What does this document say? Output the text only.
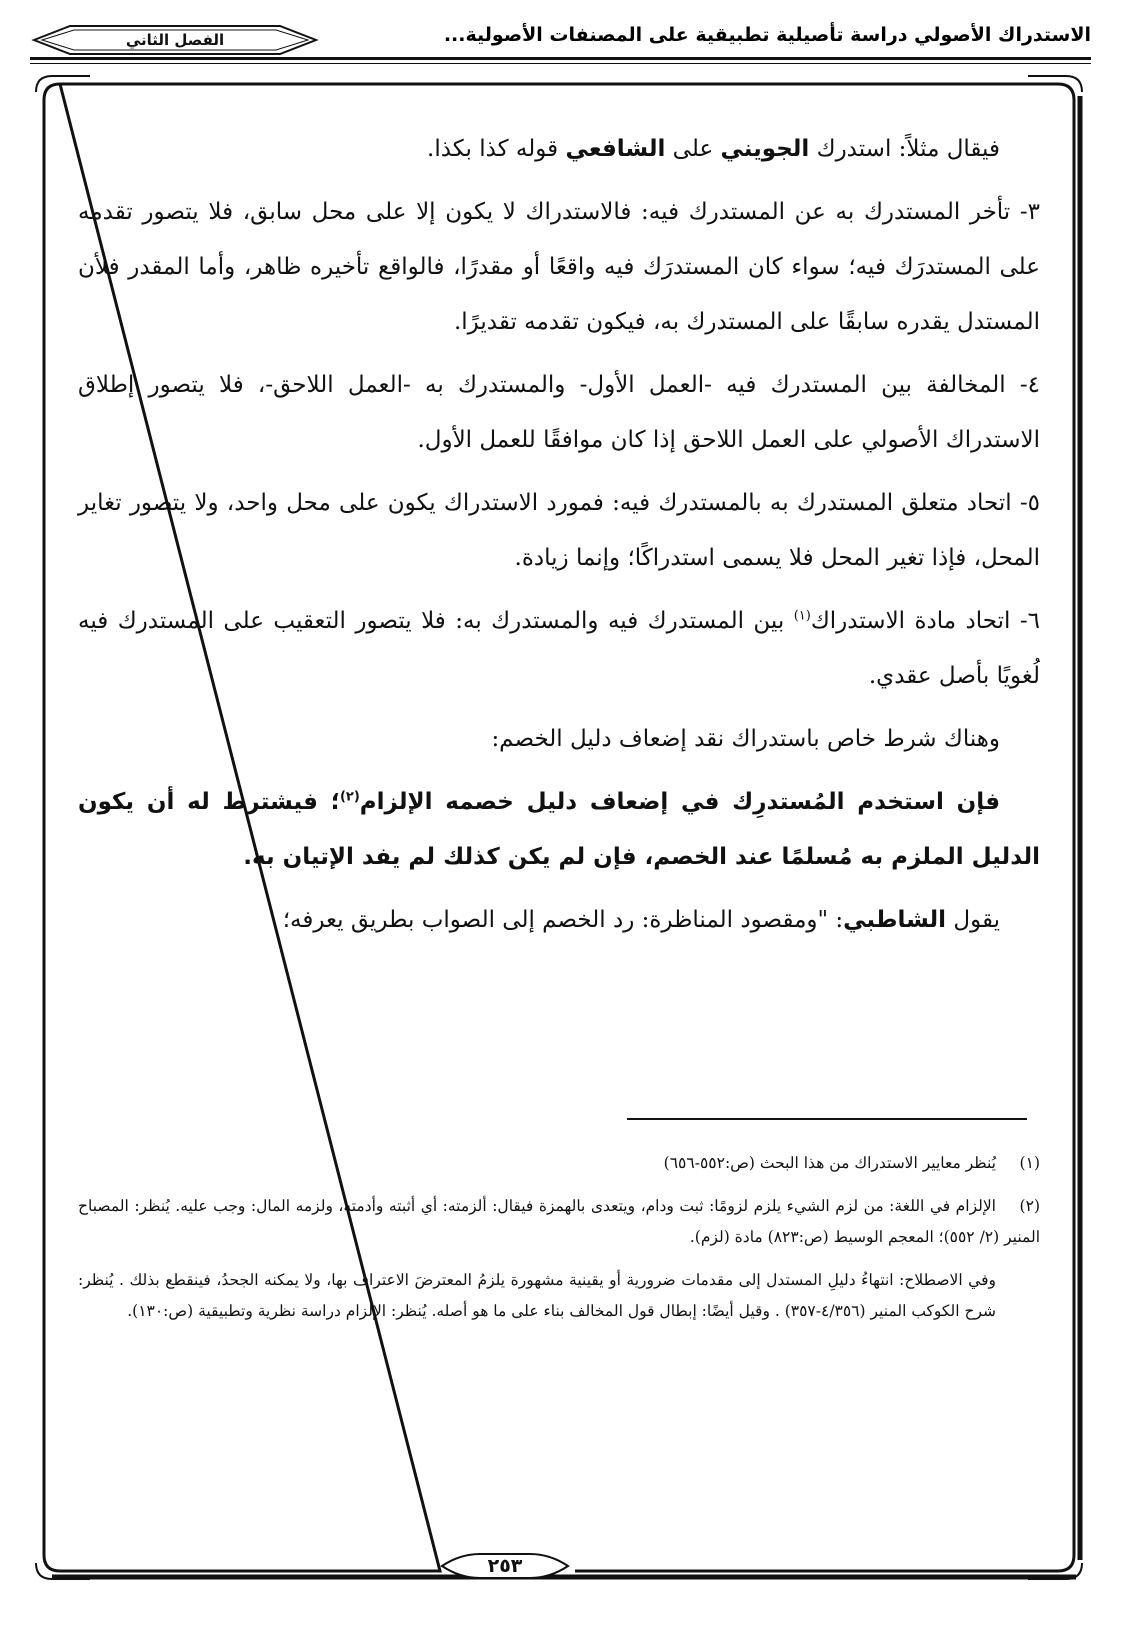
الاستدراك الأصولي دراسة تأصيلية تطبيقية على المصنفات الأصولية...
الفصل الثاني

فيقال مثلاً: استدرك الجويني على الشافعي قوله كذا بكذا.

٣- تأخر المستدرك به عن المستدرك فيه: فالاستدراك لا يكون إلا على محل سابق، فلا يتصور تقدمه على المستدرَك فيه؛ سواء كان المستدرَك فيه واقعًا أو مقدرًا، فالواقع تأخيره ظاهر، وأما المقدر فلأن المستدل يقدره سابقًا على المستدرك به، فيكون تقدمه تقديرًا.

٤- المخالفة بين المستدرك فيه -العمل الأول- والمستدرك به -العمل اللاحق-، فلا يتصور إطلاق الاستدراك الأصولي على العمل اللاحق إذا كان موافقًا للعمل الأول.

٥- اتحاد متعلق المستدرك به بالمستدرك فيه: فمورد الاستدراك يكون على محل واحد، ولا يتصور تغاير المحل، فإذا تغير المحل فلا يسمى استدراكًا؛ وإنما زيادة.

٦- اتحاد مادة الاستدراك$^{(١)}$ بين المستدرك فيه والمستدرك به: فلا يتصور التعقيب على المستدرك فيه لُغويًا بأصل عقدي.

وهناك شرط خاص باستدراك نقد إضعاف دليل الخصم:

فإن استخدم المُستدرِك في إضعاف دليل خصمه الإلزام$^{(٢)}$؛ فيشترط له أن يكون الدليل الملزم به مُسلمًا عند الخصم، فإن لم يكن كذلك لم يفد الإتيان به.

يقول الشاطبي: "ومقصود المناظرة: رد الخصم إلى الصواب بطريق يعرفه؛

(١)يُنظر معايير الاستدراك من هذا البحث (ص:٥٥٢-٦٥٦)

(٢)الإلزام في اللغة: من لزم الشيء يلزم لزومًا: ثبت ودام، ويتعدى بالهمزة فيقال: ألزمته: أي أثبته وأدمته، ولزمه المال: وجب عليه. يُنظر: المصباح المنير (٢/ ٥٥٢)؛ المعجم الوسيط (ص:٨٢٣) مادة (لزم).

وفي الاصطلاح: انتهاءُ دليلِ المستدل إلى مقدمات ضرورية أو يقينية مشهورة يلزمُ المعترضَ الاعتراف بها، ولا يمكنه الجحدُ، فينقطع بذلك . يُنظر: شرح الكوكب المنير (٤/٣٥٦-٣٥٧) . وقيل أيضًا: إبطال قول المخالف بناء على ما هو أصله. يُنظر: الإلزام دراسة نظرية وتطبيقية (ص:١٣٠).

٢٥٣
